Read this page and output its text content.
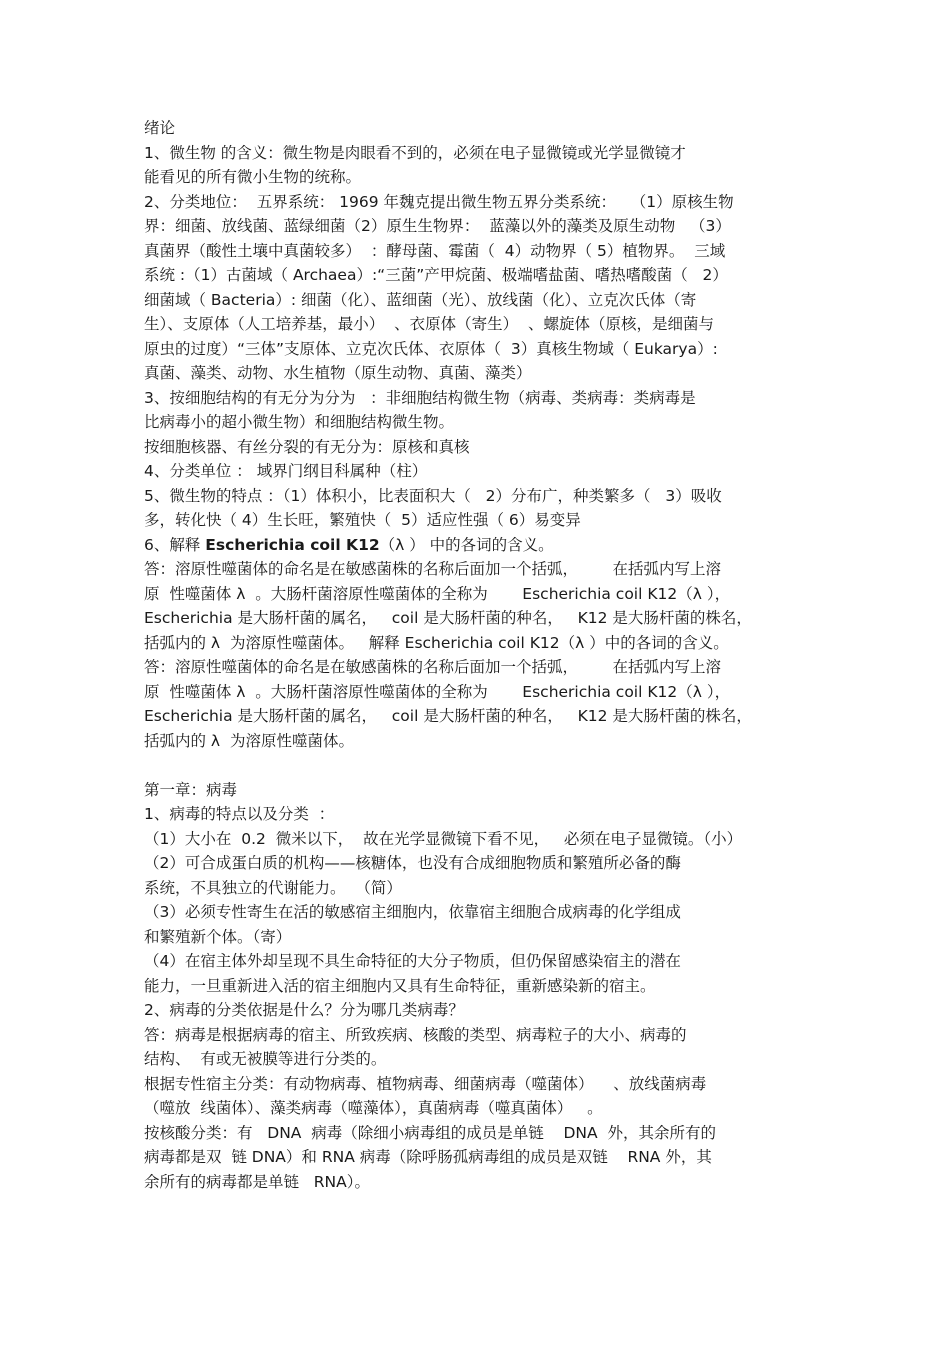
绪论
1、微生物 的含义：微生物是肉眼看不到的，必须在电子显微镜或光学显微镜才
能看见的所有微小生物的统称。
2、分类地位：  五界系统： 1969 年魏克提出微生物五界分类系统：   （1）原核生物
界：细菌、放线菌、蓝绿细菌（2）原生生物界：  蓝藻以外的藻类及原生动物   （3）
真菌界（酸性土壤中真菌较多）  ：酵母菌、霉菌（  4）动物界（ 5）植物界。  三域
系统 :（1）古菌域（ Archaea）:“三菌”产甲烷菌、极端嗜盐菌、嗜热嗜酸菌（   2）
细菌域（ Bacteria）: 细菌（化）、蓝细菌（光）、放线菌（化）、立克次氏体（寄
生）、支原体（人工培养基，最小）  、衣原体（寄生）  、螺旋体（原核，是细菌与
原虫的过度）“三体”支原体、立克次氏体、衣原体（  3）真核生物域（ Eukarya）:
真菌、藻类、动物、水生植物（原生动物、真菌、藻类）
3、按细胞结构的有无分为分为   ：非细胞结构微生物（病毒、类病毒：类病毒是
比病毒小的超小微生物）和细胞结构微生物。
按细胞核器、有丝分裂的有无分为：原核和真核
4、分类单位 ： 域界门纲目科属种（柱）
5、微生物的特点 ：（1）体积小，比表面积大（   2）分布广，种类繁多（   3）吸收
多，转化快（ 4）生长旺，繁殖快（  5）适应性强（ 6）易变异
6、解释 Escherichia coil K12（λ ） 中的各词的含义。
答：溶原性噬菌体的命名是在敏感菌株的名称后面加一个括弧，       在括弧内写上溶
原  性噬菌体 λ  。大肠杆菌溶原性噬菌体的全称为       Escherichia coil K12（λ ），
Escherichia 是大肠杆菌的属名，   coil 是大肠杆菌的种名，   K12 是大肠杆菌的株名，
括弧内的 λ  为溶原性噬菌体。   解释 Escherichia coil K12（λ ）中的各词的含义。
答：溶原性噬菌体的命名是在敏感菌株的名称后面加一个括弧，       在括弧内写上溶
原  性噬菌体 λ  。大肠杆菌溶原性噬菌体的全称为       Escherichia coil K12（λ ），
Escherichia 是大肠杆菌的属名，   coil 是大肠杆菌的种名，   K12 是大肠杆菌的株名，
括弧内的 λ  为溶原性噬菌体。
第一章：病毒
1、病毒的特点以及分类  ：
（1）大小在  0.2  微米以下，  故在光学显微镜下看不见，   必须在电子显微镜。（小）
（2）可合成蛋白质的机构——核糖体，也没有合成细胞物质和繁殖所必备的酶
系统，不具独立的代谢能力。  （简）
（3）必须专性寄生在活的敏感宿主细胞内，依靠宿主细胞合成病毒的化学组成
和繁殖新个体。（寄）
（4）在宿主体外却呈现不具生命特征的大分子物质，但仍保留感染宿主的潜在
能力，一旦重新进入活的宿主细胞内又具有生命特征，重新感染新的宿主。
2、病毒的分类依据是什么？分为哪几类病毒？
答：病毒是根据病毒的宿主、所致疾病、核酸的类型、病毒粒子的大小、病毒的
结构、  有或无被膜等进行分类的。
根据专性宿主分类：有动物病毒、植物病毒、细菌病毒（噬菌体）    、放线菌病毒
（噬放  线菌体）、藻类病毒（噬藻体），真菌病毒（噬真菌体）   。
按核酸分类：有   DNA  病毒（除细小病毒组的成员是单链    DNA  外，其余所有的
病毒都是双  链 DNA）和 RNA 病毒（除呼肠孤病毒组的成员是双链    RNA 外，其
余所有的病毒都是单链   RNA）。
